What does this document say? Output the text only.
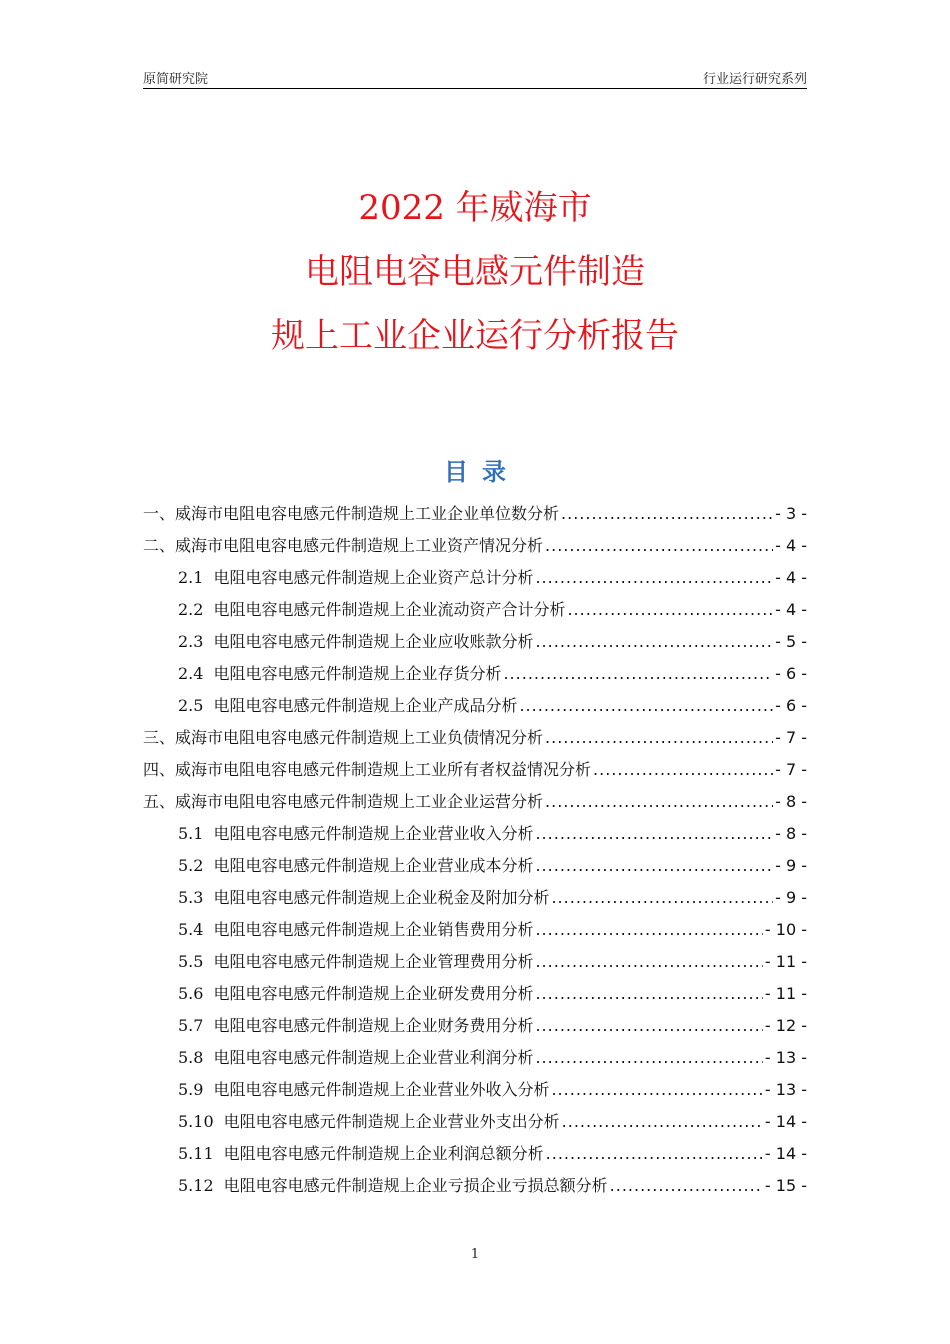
原简研究院	行业运行研究系列
2022 年威海市
电阻电容电感元件制造
规上工业企业运行分析报告
目录
一、威海市电阻电容电感元件制造规上工业企业单位数分析 .....	- 3 -
二、威海市电阻电容电感元件制造规上工业资产情况分析 .....	- 4 -
2.1 电阻电容电感元件制造规上企业资产总计分析 .....	- 4 -
2.2 电阻电容电感元件制造规上企业流动资产合计分析 .....	- 4 -
2.3 电阻电容电感元件制造规上企业应收账款分析 .....	- 5 -
2.4 电阻电容电感元件制造规上企业存货分析 .....	- 6 -
2.5 电阻电容电感元件制造规上企业产成品分析 .....	- 6 -
三、威海市电阻电容电感元件制造规上工业负债情况分析 .....	- 7 -
四、威海市电阻电容电感元件制造规上工业所有者权益情况分析 .....	- 7 -
五、威海市电阻电容电感元件制造规上工业企业运营分析 .....	- 8 -
5.1 电阻电容电感元件制造规上企业营业收入分析 .....	- 8 -
5.2 电阻电容电感元件制造规上企业营业成本分析 .....	- 9 -
5.3 电阻电容电感元件制造规上企业税金及附加分析 .....	- 9 -
5.4 电阻电容电感元件制造规上企业销售费用分析 .....	- 10 -
5.5 电阻电容电感元件制造规上企业管理费用分析 .....	- 11 -
5.6 电阻电容电感元件制造规上企业研发费用分析 .....	- 11 -
5.7 电阻电容电感元件制造规上企业财务费用分析 .....	- 12 -
5.8 电阻电容电感元件制造规上企业营业利润分析 .....	- 13 -
5.9 电阻电容电感元件制造规上企业营业外收入分析 .....	- 13 -
5.10 电阻电容电感元件制造规上企业营业外支出分析 .....	- 14 -
5.11 电阻电容电感元件制造规上企业利润总额分析 .....	- 14 -
5.12 电阻电容电感元件制造规上企业亏损企业亏损总额分析 .....	- 15 -
1
